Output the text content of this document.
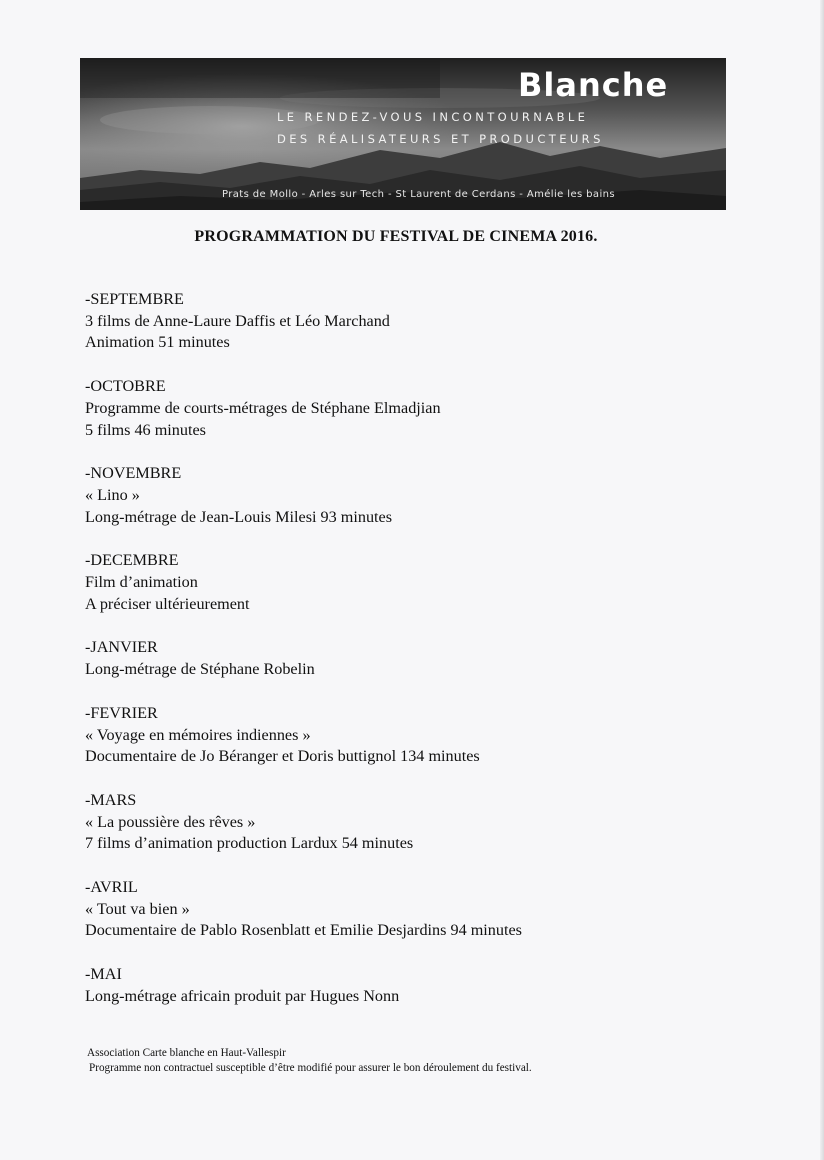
Blanche
LE RENDEZ-VOUS INCONTOURNABLE
DES RÉALISATEURS ET PRODUCTEURS
Prats de Mollo - Arles sur Tech - St Laurent de Cerdans - Amélie les bains
PROGRAMMATION DU FESTIVAL DE CINEMA 2016.
-SEPTEMBRE
3 films de Anne-Laure Daffis et Léo Marchand
Animation 51 minutes
-OCTOBRE
Programme de courts-métrages de Stéphane Elmadjian
5 films 46 minutes
-NOVEMBRE
« Lino »
Long-métrage de Jean-Louis Milesi 93 minutes
-DECEMBRE
Film d’animation
A préciser ultérieurement
-JANVIER
Long-métrage de Stéphane Robelin
-FEVRIER
« Voyage en mémoires indiennes »
Documentaire de Jo Béranger et Doris buttignol 134 minutes
-MARS
« La poussière des rêves »
7 films d’animation production Lardux 54 minutes
-AVRIL
« Tout va bien »
Documentaire de Pablo Rosenblatt et Emilie Desjardins 94 minutes
-MAI
Long-métrage africain produit par Hugues Nonn
Association Carte blanche en Haut-Vallespir
Programme non contractuel susceptible d’être modifié pour assurer le bon déroulement du festival.
